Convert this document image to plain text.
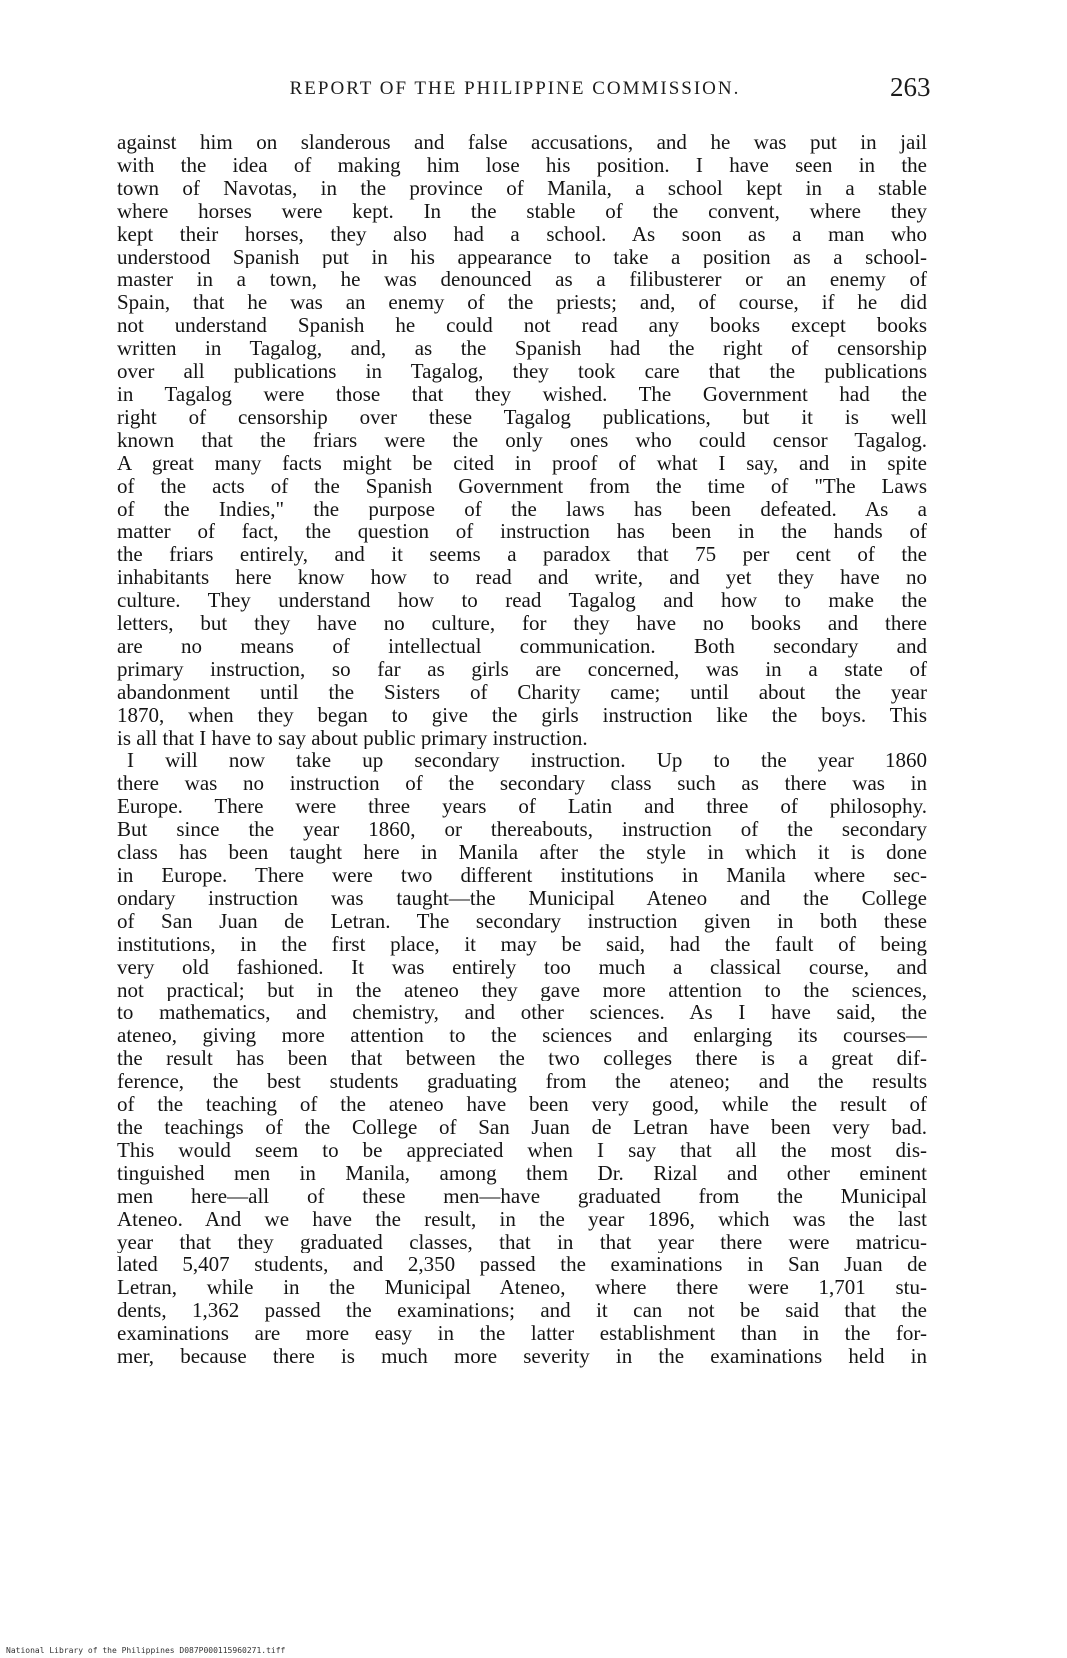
REPORT OF THE PHILIPPINE COMMISSION.	263
against him on slanderous and false accusations, and he was put in jail
with the idea of making him lose his position. I have seen in the
town of Navotas, in the province of Manila, a school kept in a stable
where horses were kept. In the stable of the convent, where they
kept their horses, they also had a school. As soon as a man who
understood Spanish put in his appearance to take a position as a school-
master in a town, he was denounced as a filibusterer or an enemy of
Spain, that he was an enemy of the priests; and, of course, if he did
not understand Spanish he could not read any books except books
written in Tagalog, and, as the Spanish had the right of censorship
over all publications in Tagalog, they took care that the publications
in Tagalog were those that they wished. The Government had the
right of censorship over these Tagalog publications, but it is well
known that the friars were the only ones who could censor Tagalog.
A great many facts might be cited in proof of what I say, and in spite
of the acts of the Spanish Government from the time of "The Laws
of the Indies," the purpose of the laws has been defeated. As a
matter of fact, the question of instruction has been in the hands of
the friars entirely, and it seems a paradox that 75 per cent of the
inhabitants here know how to read and write, and yet they have no
culture. They understand how to read Tagalog and how to make the
letters, but they have no culture, for they have no books and there
are no means of intellectual communication. Both secondary and
primary instruction, so far as girls are concerned, was in a state of
abandonment until the Sisters of Charity came; until about the year
1870, when they began to give the girls instruction like the boys. This
is all that I have to say about public primary instruction.
I will now take up secondary instruction. Up to the year 1860
there was no instruction of the secondary class such as there was in
Europe. There were three years of Latin and three of philosophy.
But since the year 1860, or thereabouts, instruction of the secondary
class has been taught here in Manila after the style in which it is done
in Europe. There were two different institutions in Manila where sec-
ondary instruction was taught—the Municipal Ateneo and the College
of San Juan de Letran. The secondary instruction given in both these
institutions, in the first place, it may be said, had the fault of being
very old fashioned. It was entirely too much a classical course, and
not practical; but in the ateneo they gave more attention to the sciences,
to mathematics, and chemistry, and other sciences. As I have said, the
ateneo, giving more attention to the sciences and enlarging its courses—
the result has been that between the two colleges there is a great dif-
ference, the best students graduating from the ateneo; and the results
of the teaching of the ateneo have been very good, while the result of
the teachings of the College of San Juan de Letran have been very bad.
This would seem to be appreciated when I say that all the most dis-
tinguished men in Manila, among them Dr. Rizal and other eminent
men here—all of these men—have graduated from the Municipal
Ateneo. And we have the result, in the year 1896, which was the last
year that they graduated classes, that in that year there were matricu-
lated 5,407 students, and 2,350 passed the examinations in San Juan de
Letran, while in the Municipal Ateneo, where there were 1,701 stu-
dents, 1,362 passed the examinations; and it can not be said that the
examinations are more easy in the latter establishment than in the for-
mer, because there is much more severity in the examinations held in
National Library of the Philippines D087P000115960271.tiff
